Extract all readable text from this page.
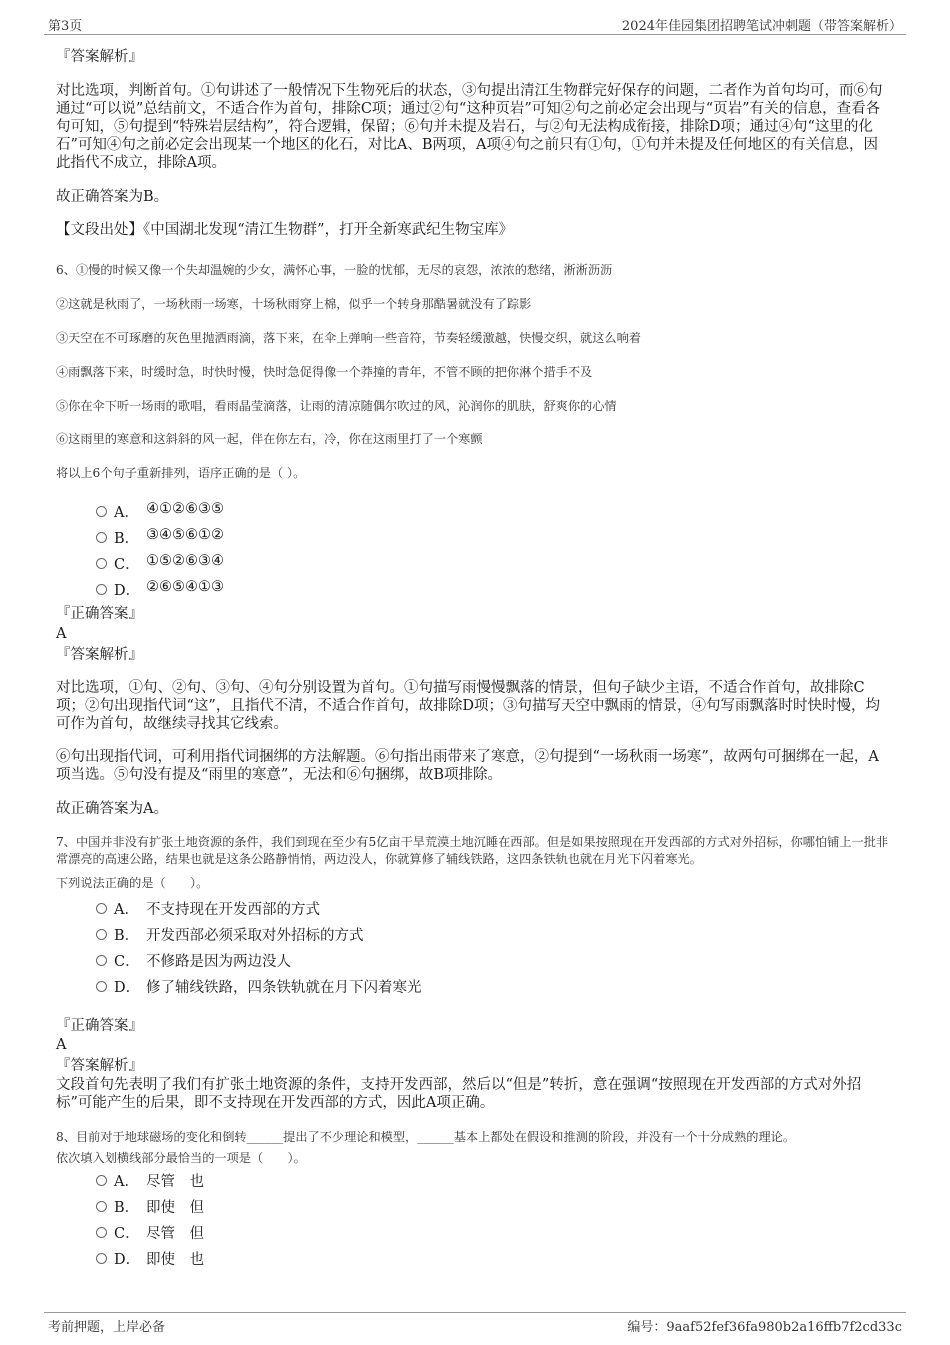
第3页	2024年佳园集团招聘笔试冲刺题（带答案解析）
『答案解析』
对比选项，判断首句。①句讲述了一般情况下生物死后的状态，③句提出清江生物群完好保存的问题，二者作为首句均可，而⑥句通过“可以说”总结前文，不适合作为首句，排除C项；通过②句“这种页岩”可知②句之前必定会出现与“页岩”有关的信息，查看各句可知，⑤句提到“特殊岩层结构”，符合逻辑，保留；⑥句并未提及岩石，与②句无法构成衔接，排除D项；通过④句“这里的化石”可知④句之前必定会出现某一个地区的化石，对比A、B两项，A项④句之前只有①句，①句并未提及任何地区的有关信息，因此指代不成立，排除A项。
故正确答案为B。
【文段出处】《中国湖北发现“清江生物群”，打开全新寒武纪生物宝库》
6、①慢的时候又像一个失却温婉的少女，满怀心事，一脸的忧郁，无尽的哀怨，浓浓的愁绪，淅淅沥沥
②这就是秋雨了，一场秋雨一场寒，十场秋雨穿上棉，似乎一个转身那酷暑就没有了踪影
③天空在不可琢磨的灰色里抛洒雨滴，落下来，在伞上弹响一些音符，节奏轻缓激越，快慢交织，就这么响着
④雨飘落下来，时缓时急，时快时慢，快时急促得像一个莽撞的青年，不管不顾的把你淋个措手不及
⑤你在伞下听一场雨的歌唱，看雨晶莹滴落，让雨的清凉随偶尔吹过的风，沁润你的肌肤，舒爽你的心情
⑥这雨里的寒意和这斜斜的风一起，伴在你左右，冷，你在这雨里打了一个寒颤
将以上6个句子重新排列，语序正确的是（ ）。
A． ④①②⑥③⑤
B． ③④⑤⑥①②
C． ①⑤②⑥③④
D． ②⑥⑤④①③
『正确答案』
A
『答案解析』
对比选项，①句、②句、③句、④句分别设置为首句。①句描写雨慢慢飘落的情景，但句子缺少主语，不适合作首句，故排除C项；②句出现指代词“这”，且指代不清，不适合作首句，故排除D项；③句描写天空中飘雨的情景，④句写雨飘落时时快时慢，均可作为首句，故继续寻找其它线索。
⑥句出现指代词，可利用指代词捆绑的方法解题。⑥句指出雨带来了寒意，②句提到“一场秋雨一场寒”，故两句可捆绑在一起，A项当选。⑤句没有提及“雨里的寒意”，无法和⑥句捆绑，故B项排除。
故正确答案为A。
7、中国并非没有扩张土地资源的条件，我们到现在至少有5亿亩干旱荒漠土地沉睡在西部。但是如果按照现在开发西部的方式对外招标，你哪怕铺上一批非常漂亮的高速公路，结果也就是这条公路静悄悄，两边没人，你就算修了辅线铁路，这四条铁轨也就在月光下闪着寒光。
下列说法正确的是（　　）。
A． 不支持现在开发西部的方式
B． 开发西部必须采取对外招标的方式
C． 不修路是因为两边没人
D． 修了辅线铁路，四条铁轨就在月下闪着寒光
『正确答案』
A
『答案解析』
文段首句先表明了我们有扩张土地资源的条件，支持开发西部，然后以“但是”转折，意在强调“按照现在开发西部的方式对外招标”可能产生的后果，即不支持现在开发西部的方式，因此A项正确。
8、目前对于地球磁场的变化和倒转______提出了不少理论和模型，______基本上都处在假设和推测的阶段，并没有一个十分成熟的理论。
依次填入划横线部分最恰当的一项是（　　）。
A． 尽管　也
B． 即使　但
C． 尽管　但
D． 即使　也
考前押题，上岸必备	编号：9aaf52fef36fa980b2a16ffb7f2cd33c
